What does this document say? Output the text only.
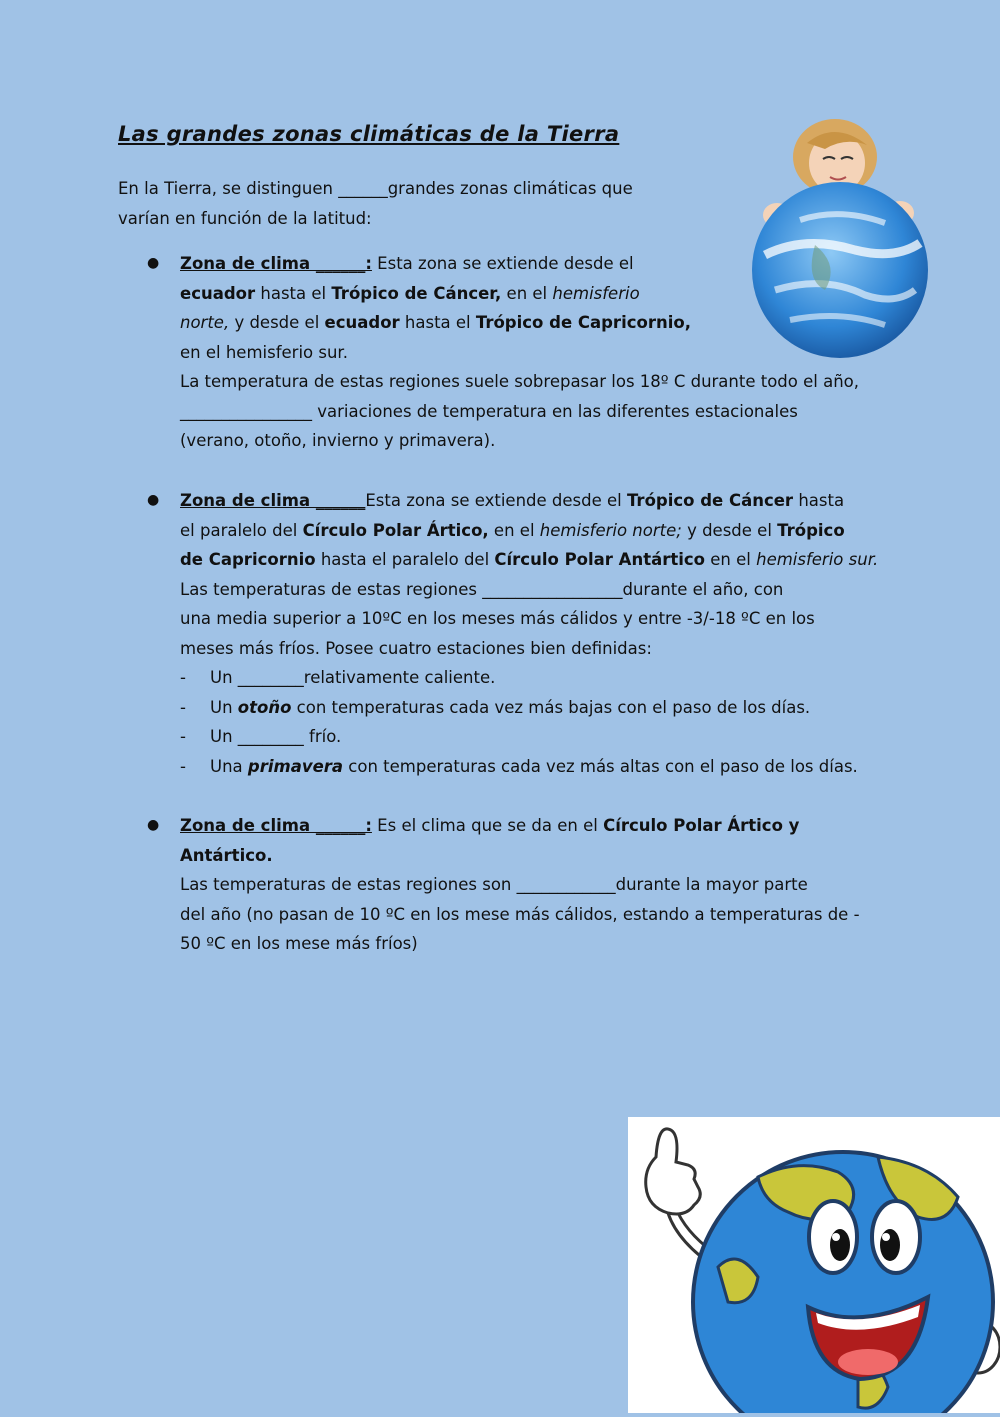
Las grandes zonas climáticas de la Tierra
En la Tierra, se distinguen ______grandes zonas climáticas que
varían en función de la latitud:
● Zona de clima ______: Esta zona se extiende desde el
ecuador hasta el Trópico de Cáncer, en el hemisferio
norte, y desde el ecuador hasta el Trópico de Capricornio,
en el hemisferio sur.
La temperatura de estas regiones suele sobrepasar los 18º C durante todo el año,
________________ variaciones de temperatura en las diferentes estacionales
(verano, otoño, invierno y primavera).
● Zona de clima ______Esta zona se extiende desde el Trópico de Cáncer hasta
el paralelo del Círculo Polar Ártico, en el hemisferio norte; y desde el Trópico
de Capricornio hasta el paralelo del Círculo Polar Antártico en el hemisferio sur.
Las temperaturas de estas regiones _________________durante el año, con
una media superior a 10ºC en los meses más cálidos y entre -3/-18 ºC en los
meses más fríos. Posee cuatro estaciones bien definidas:
- Un ________relativamente caliente.
- Un otoño con temperaturas cada vez más bajas con el paso de los días.
- Un ________ frío.
- Una primavera con temperaturas cada vez más altas con el paso de los días.
● Zona de clima ______: Es el clima que se da en el Círculo Polar Ártico y
Antártico.
Las temperaturas de estas regiones son ____________durante la mayor parte
del año (no pasan de 10 ºC en los mese más cálidos, estando a temperaturas de -
50 ºC en los mese más fríos)
